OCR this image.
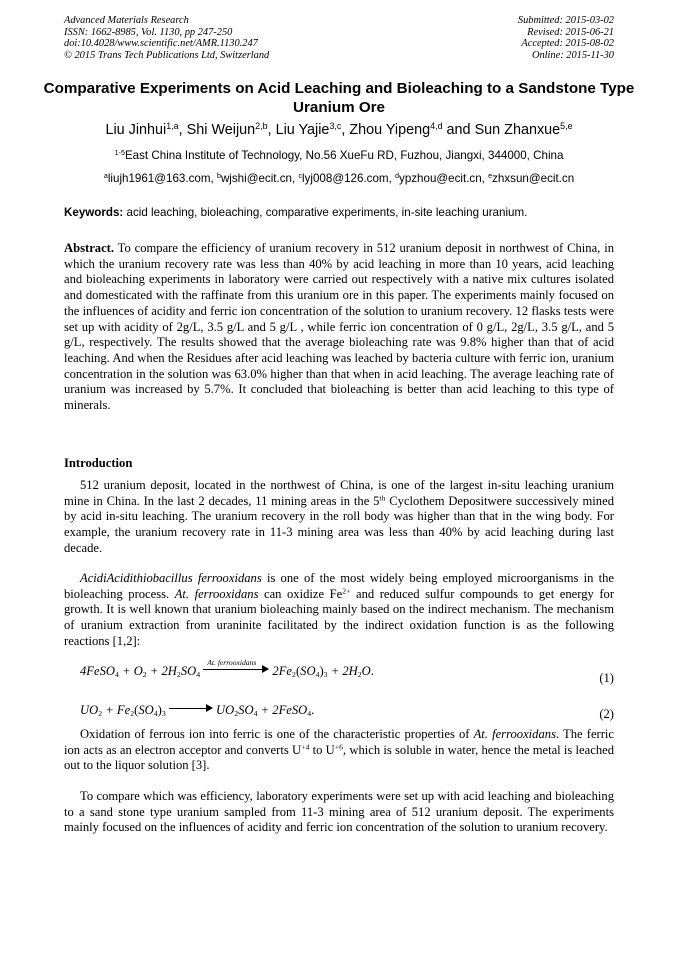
Advanced Materials Research
ISSN: 1662-8985, Vol. 1130, pp 247-250
doi:10.4028/www.scientific.net/AMR.1130.247
© 2015 Trans Tech Publications Ltd, Switzerland
Submitted: 2015-03-02
Revised: 2015-06-21
Accepted: 2015-08-02
Online: 2015-11-30
Comparative Experiments on Acid Leaching and Bioleaching to a Sandstone Type Uranium Ore
Liu Jinhui$^{1,a}$, Shi Weijun$^{2,b}$, Liu Yajie$^{3,c}$, Zhou Yipeng$^{4,d}$ and Sun Zhanxue$^{5,e}$
$^{1-5}$East China Institute of Technology, No.56 XueFu RD, Fuzhou, Jiangxi, 344000, China
$^a$liujh1961@163.com, $^b$wjshi@ecit.cn, $^c$lyj008@126.com, $^d$ypzhou@ecit.cn, $^e$zhxsun@ecit.cn
Keywords: acid leaching, bioleaching, comparative experiments, in-site leaching uranium.
Abstract. To compare the efficiency of uranium recovery in 512 uranium deposit in northwest of China, in which the uranium recovery rate was less than 40% by acid leaching in more than 10 years, acid leaching and bioleaching experiments in laboratory were carried out respectively with a native mix cultures isolated and domesticated with the raffinate from this uranium ore in this paper. The experiments mainly focused on the influences of acidity and ferric ion concentration of the solution to uranium recovery. 12 flasks tests were set up with acidity of 2g/L, 3.5 g/L and 5 g/L , while ferric ion concentration of 0 g/L, 2g/L, 3.5 g/L, and 5 g/L, respectively. The results showed that the average bioleaching rate was 9.8% higher than that of acid leaching. And when the Residues after acid leaching was leached by bacteria culture with ferric ion, uranium concentration in the solution was 63.0% higher than that when in acid leaching. The average leaching rate of uranium was increased by 5.7%. It concluded that bioleaching is better than acid leaching to this type of minerals.
Introduction
512 uranium deposit, located in the northwest of China, is one of the largest in-situ leaching uranium mine in China. In the last 2 decades, 11 mining areas in the 5th Cyclothem Depositwere successively mined by acid in-situ leaching. The uranium recovery in the roll body was higher than that in the wing body. For example, the uranium recovery rate in 11-3 mining area was less than 40% by acid leaching during last decade.
AcidiAcidithiobacillus ferrooxidans is one of the most widely being employed microorganisms in the bioleaching process. At. ferrooxidans can oxidize $Fe^{2+}$ and reduced sulfur compounds to get energy for growth. It is well known that uranium bioleaching mainly based on the indirect mechanism. The mechanism of uranium extraction from uraninite facilitated by the indirect oxidation function is as the following reactions [1,2]:
4FeSO$_4$ + $O_2 + 2H_2SO_4$
At. ferrooxidans
$2Fe_2(SO_4)_3 + 2H_2O$.	(1)
$UO_2 + Fe_2(SO_4)_3$	$UO_2SO_4$ + 2FeSO$_4$.	(2)
Oxidation of ferrous ion into ferric is one of the characteristic properties of At. ferrooxidans. The ferric ion acts as an electron acceptor and converts $U^{+4}$ to $U^{+6}$, which is soluble in water, hence the metal is leached out to the liquor solution [3].
To compare which was efficiency, laboratory experiments were set up with acid leaching and bioleaching to a sand stone type uranium sampled from 11-3 mining area of 512 uranium deposit. The experiments mainly focused on the influences of acidity and ferric ion concentration of the solution to uranium recovery.
